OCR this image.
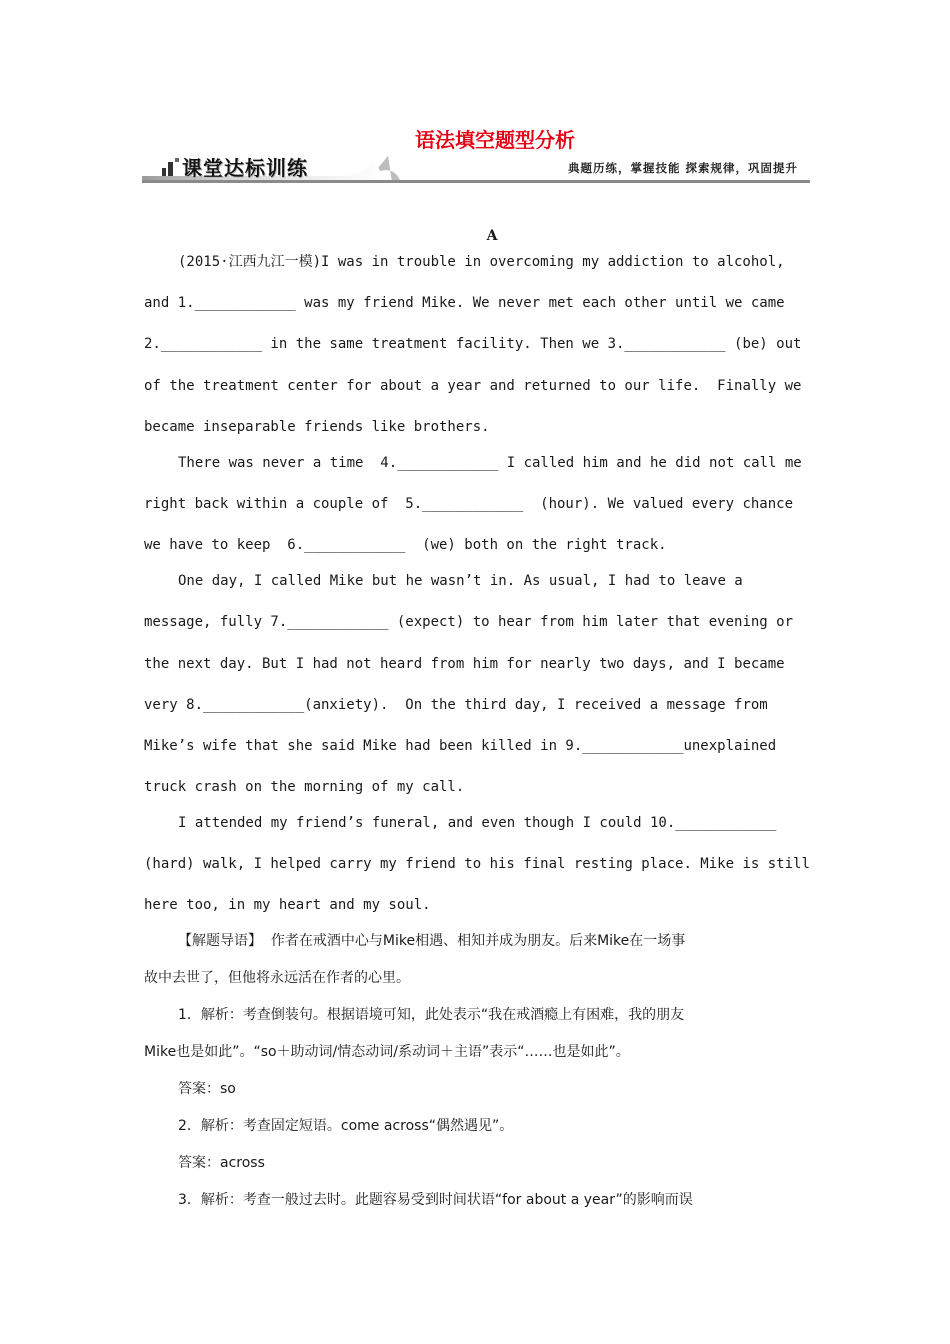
语法填空题型分析
课堂达标训练	典题历练，掌握技能 探索规律，巩固提升
A
(2015·江西九江一模)I was in trouble in overcoming my addiction to alcohol,
and 1.____________ was my friend Mike. We never met each other until we came
2.____________ in the same treatment facility. Then we 3.____________ (be) out
of the treatment center for about a year and returned to our life.  Finally we
became inseparable friends like brothers.
There was never a time  4.____________ I called him and he did not call me
right back within a couple of  5.____________  (hour). We valued every chance
we have to keep  6.____________  (we) both on the right track.
One day, I called Mike but he wasn’t in. As usual, I had to leave a
message, fully 7.____________ (expect) to hear from him later that evening or
the next day. But I had not heard from him for nearly two days, and I became
very 8.____________(anxiety).  On the third day, I received a message from
Mike’s wife that she said Mike had been killed in 9.____________unexplained
truck crash on the morning of my call.
I attended my friend’s funeral, and even though I could 10.____________
(hard) walk, I helped carry my friend to his final resting place. Mike is still
here too, in my heart and my soul.
【解题导语】  作者在戒酒中心与Mike相遇、相知并成为朋友。后来Mike在一场事
故中去世了，但他将永远活在作者的心里。
1．解析：考查倒装句。根据语境可知，此处表示“我在戒酒瘾上有困难，我的朋友
Mike也是如此”。“so＋助动词/情态动词/系动词＋主语”表示“……也是如此”。
答案：so
2．解析：考查固定短语。come across“偶然遇见”。
答案：across
3．解析：考查一般过去时。此题容易受到时间状语“for about a year”的影响而误
